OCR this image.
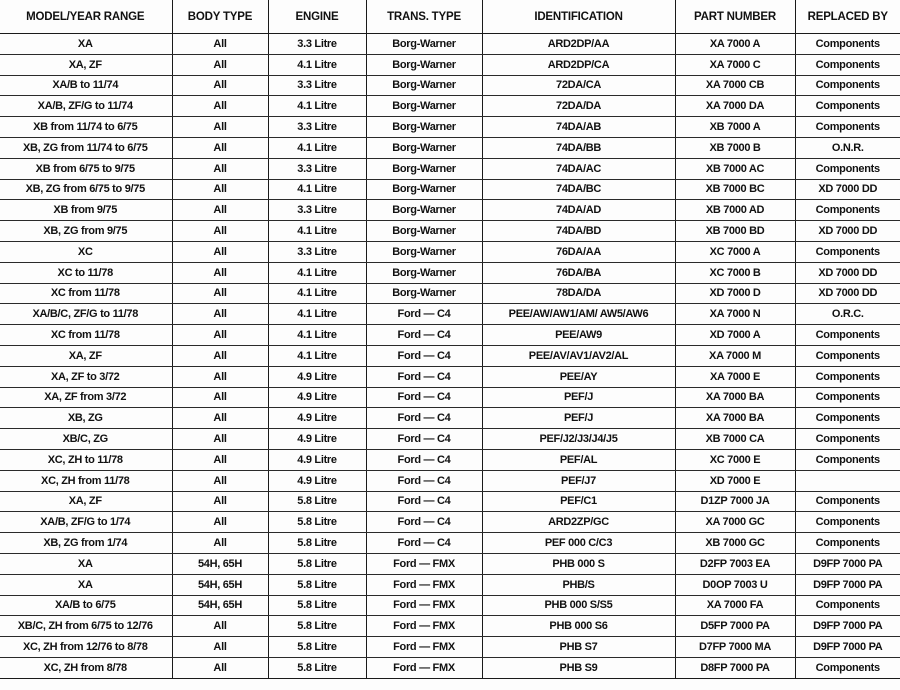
MODEL/YEAR RANGE	BODY TYPE	ENGINE	TRANS. TYPE	IDENTIFICATION	PART NUMBER	REPLACED BY
XA	All	3.3 Litre	Borg-Warner	ARD2DP/AA	XA 7000 A	Components
XA, ZF	All	4.1 Litre	Borg-Warner	ARD2DP/CA	XA 7000 C	Components
XA/B to 11/74	All	3.3 Litre	Borg-Warner	72DA/CA	XA 7000 CB	Components
XA/B, ZF/G to 11/74	All	4.1 Litre	Borg-Warner	72DA/DA	XA 7000 DA	Components
XB from 11/74 to 6/75	All	3.3 Litre	Borg-Warner	74DA/AB	XB 7000 A	Components
XB, ZG from 11/74 to 6/75	All	4.1 Litre	Borg-Warner	74DA/BB	XB 7000 B	O.N.R.
XB from 6/75 to 9/75	All	3.3 Litre	Borg-Warner	74DA/AC	XB 7000 AC	Components
XB, ZG from 6/75 to 9/75	All	4.1 Litre	Borg-Warner	74DA/BC	XB 7000 BC	XD 7000 DD
XB from 9/75	All	3.3 Litre	Borg-Warner	74DA/AD	XB 7000 AD	Components
XB, ZG from 9/75	All	4.1 Litre	Borg-Warner	74DA/BD	XB 7000 BD	XD 7000 DD
XC	All	3.3 Litre	Borg-Warner	76DA/AA	XC 7000 A	Components
XC to 11/78	All	4.1 Litre	Borg-Warner	76DA/BA	XC 7000 B	XD 7000 DD
XC from 11/78	All	4.1 Litre	Borg-Warner	78DA/DA	XD 7000 D	XD 7000 DD
XA/B/C, ZF/G to 11/78	All	4.1 Litre	Ford — C4	PEE/AW/AW1/AM/ AW5/AW6	XA 7000 N	O.R.C.
XC from 11/78	All	4.1 Litre	Ford — C4	PEE/AW9	XD 7000 A	Components
XA, ZF	All	4.1 Litre	Ford — C4	PEE/AV/AV1/AV2/AL	XA 7000 M	Components
XA, ZF to 3/72	All	4.9 Litre	Ford — C4	PEE/AY	XA 7000 E	Components
XA, ZF from 3/72	All	4.9 Litre	Ford — C4	PEF/J	XA 7000 BA	Components
XB, ZG	All	4.9 Litre	Ford — C4	PEF/J	XA 7000 BA	Components
XB/C, ZG	All	4.9 Litre	Ford — C4	PEF/J2/J3/J4/J5	XB 7000 CA	Components
XC, ZH to 11/78	All	4.9 Litre	Ford — C4	PEF/AL	XC 7000 E	Components
XC, ZH from 11/78	All	4.9 Litre	Ford — C4	PEF/J7	XD 7000 E	
XA, ZF	All	5.8 Litre	Ford — C4	PEF/C1	D1ZP 7000 JA	Components
XA/B, ZF/G to 1/74	All	5.8 Litre	Ford — C4	ARD2ZP/GC	XA 7000 GC	Components
XB, ZG from 1/74	All	5.8 Litre	Ford — C4	PEF 000 C/C3	XB 7000 GC	Components
XA	54H, 65H	5.8 Litre	Ford — FMX	PHB 000 S	D2FP 7003 EA	D9FP 7000 PA
XA	54H, 65H	5.8 Litre	Ford — FMX	PHB/S	D0OP 7003 U	D9FP 7000 PA
XA/B to 6/75	54H, 65H	5.8 Litre	Ford — FMX	PHB 000 S/S5	XA 7000 FA	Components
XB/C, ZH from 6/75 to 12/76	All	5.8 Litre	Ford — FMX	PHB 000 S6	D5FP 7000 PA	D9FP 7000 PA
XC, ZH from 12/76 to 8/78	All	5.8 Litre	Ford — FMX	PHB S7	D7FP 7000 MA	D9FP 7000 PA
XC, ZH from 8/78	All	5.8 Litre	Ford — FMX	PHB S9	D8FP 7000 PA	Components
